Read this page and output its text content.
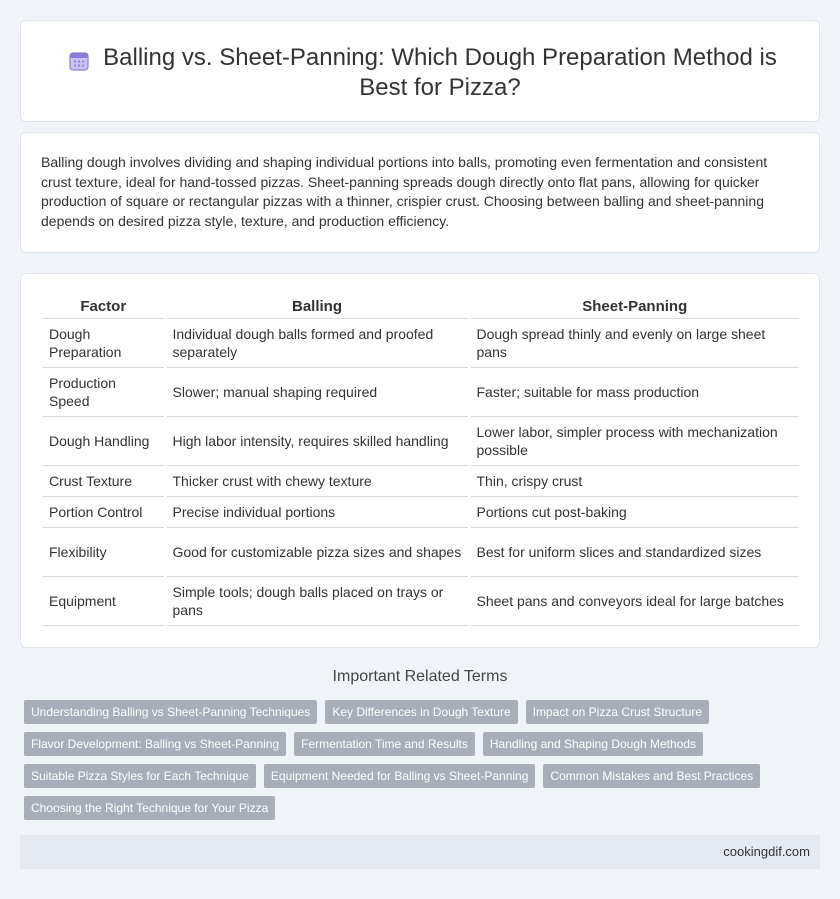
Balling vs. Sheet-Panning: Which Dough Preparation Method is Best for Pizza?

Balling dough involves dividing and shaping individual portions into balls, promoting even fermentation and consistent crust texture, ideal for hand-tossed pizzas. Sheet-panning spreads dough directly onto flat pans, allowing for quicker production of square or rectangular pizzas with a thinner, crispier crust. Choosing between balling and sheet-panning depends on desired pizza style, texture, and production efficiency.

Factor	Balling	Sheet-Panning
Dough Preparation	Individual dough balls formed and proofed separately	Dough spread thinly and evenly on large sheet pans
Production Speed	Slower; manual shaping required	Faster; suitable for mass production
Dough Handling	High labor intensity, requires skilled handling	Lower labor, simpler process with mechanization possible
Crust Texture	Thicker crust with chewy texture	Thin, crispy crust
Portion Control	Precise individual portions	Portions cut post-baking
Flexibility	Good for customizable pizza sizes and shapes	Best for uniform slices and standardized sizes
Equipment	Simple tools; dough balls placed on trays or pans	Sheet pans and conveyors ideal for large batches
Important Related Terms
Understanding Balling vs Sheet-Panning Techniques	Key Differences in Dough Texture	Impact on Pizza Crust Structure
Flavor Development: Balling vs Sheet-Panning	Fermentation Time and Results	Handling and Shaping Dough Methods
Suitable Pizza Styles for Each Technique	Equipment Needed for Balling vs Sheet-Panning	Common Mistakes and Best Practices
Choosing the Right Technique for Your Pizza
cookingdif.com
